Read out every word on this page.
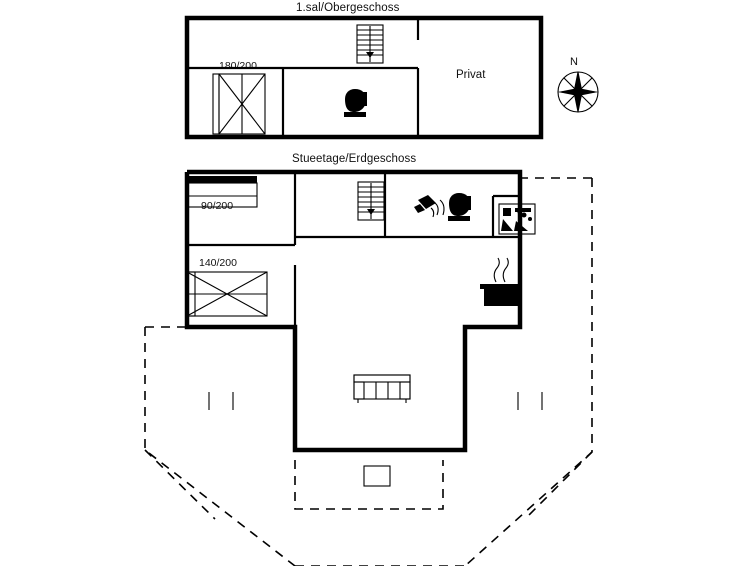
1.sal/Obergeschoss
Stueetage/Erdgeschoss
Privat
180/200
90/200
140/200
N
